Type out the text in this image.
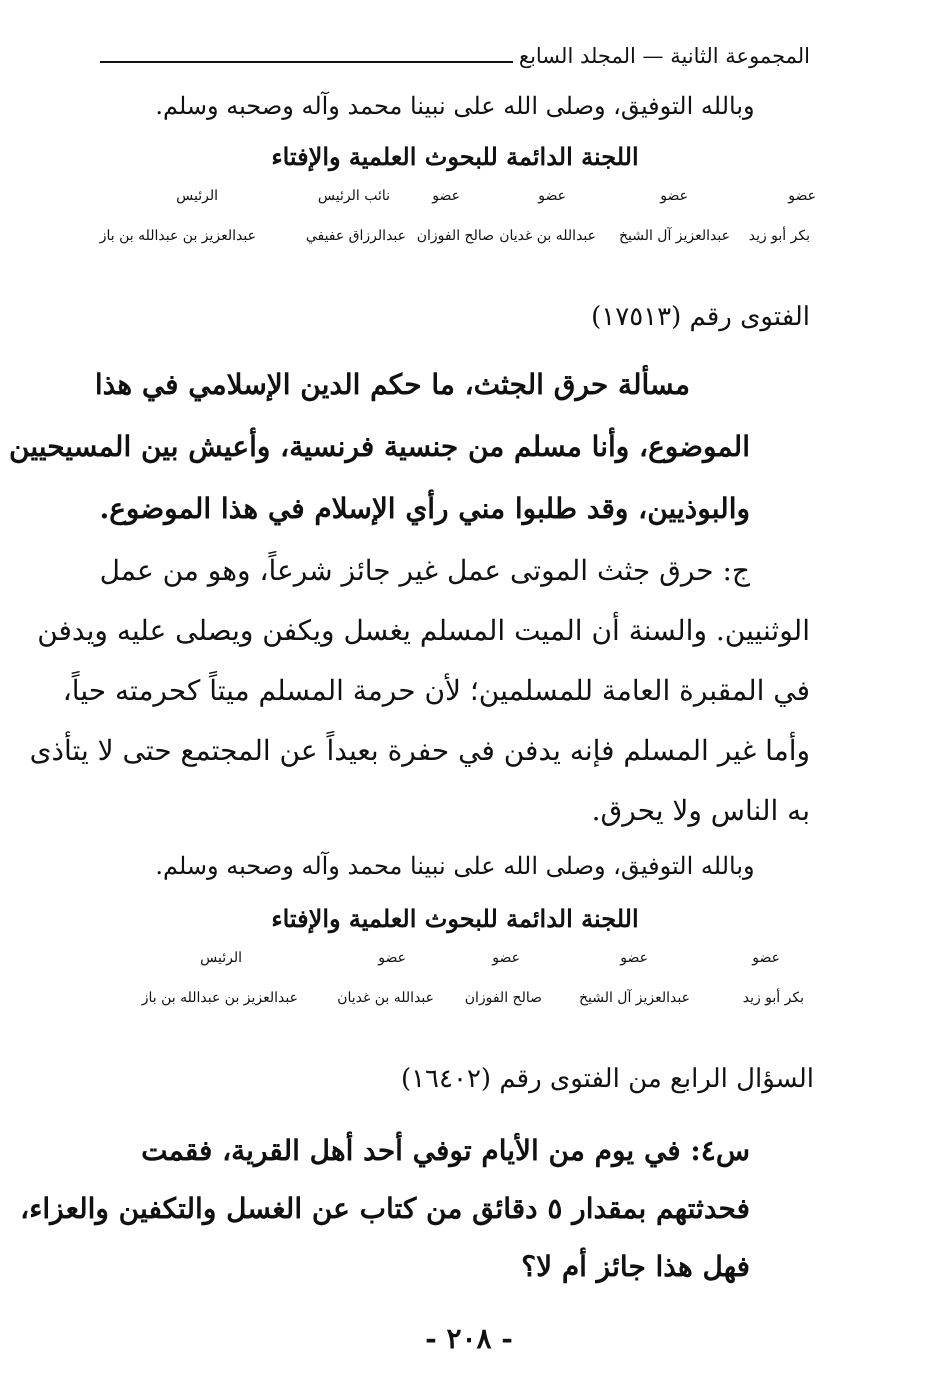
المجموعة الثانية — المجلد السابع
وبالله التوفيق، وصلى الله على نبينا محمد وآله وصحبه وسلم.
اللجنة الدائمة للبحوث العلمية والإفتاء
عضو
عضو
عضو
عضو
نائب الرئيس
الرئيس
بكر أبو زيد
عبدالعزيز آل الشيخ
عبدالله بن غديان
صالح الفوزان
عبدالرزاق عفيفي
عبدالعزيز بن عبدالله بن باز
الفتوى رقم (١٧٥١٣)
مسألة حرق الجثث، ما حكم الدين الإسلامي في هذا
الموضوع، وأنا مسلم من جنسية فرنسية، وأعيش بين المسيحيين
والبوذيين، وقد طلبوا مني رأي الإسلام في هذا الموضوع.
ج: حرق جثث الموتى عمل غير جائز شرعاً، وهو من عمل
الوثنيين. والسنة أن الميت المسلم يغسل ويكفن ويصلى عليه ويدفن
في المقبرة العامة للمسلمين؛ لأن حرمة المسلم ميتاً كحرمته حياً،
وأما غير المسلم فإنه يدفن في حفرة بعيداً عن المجتمع حتى لا يتأذى
به الناس ولا يحرق.
وبالله التوفيق، وصلى الله على نبينا محمد وآله وصحبه وسلم.
اللجنة الدائمة للبحوث العلمية والإفتاء
عضو
عضو
عضو
عضو
الرئيس
بكر أبو زيد
عبدالعزيز آل الشيخ
صالح الفوزان
عبدالله بن غديان
عبدالعزيز بن عبدالله بن باز
السؤال الرابع من الفتوى رقم (١٦٤٠٢)
س٤: في يوم من الأيام توفي أحد أهل القرية، فقمت
فحدثتهم بمقدار ٥ دقائق من كتاب عن الغسل والتكفين والعزاء،
فهل هذا جائز أم لا؟
- ٢٠٨ -
